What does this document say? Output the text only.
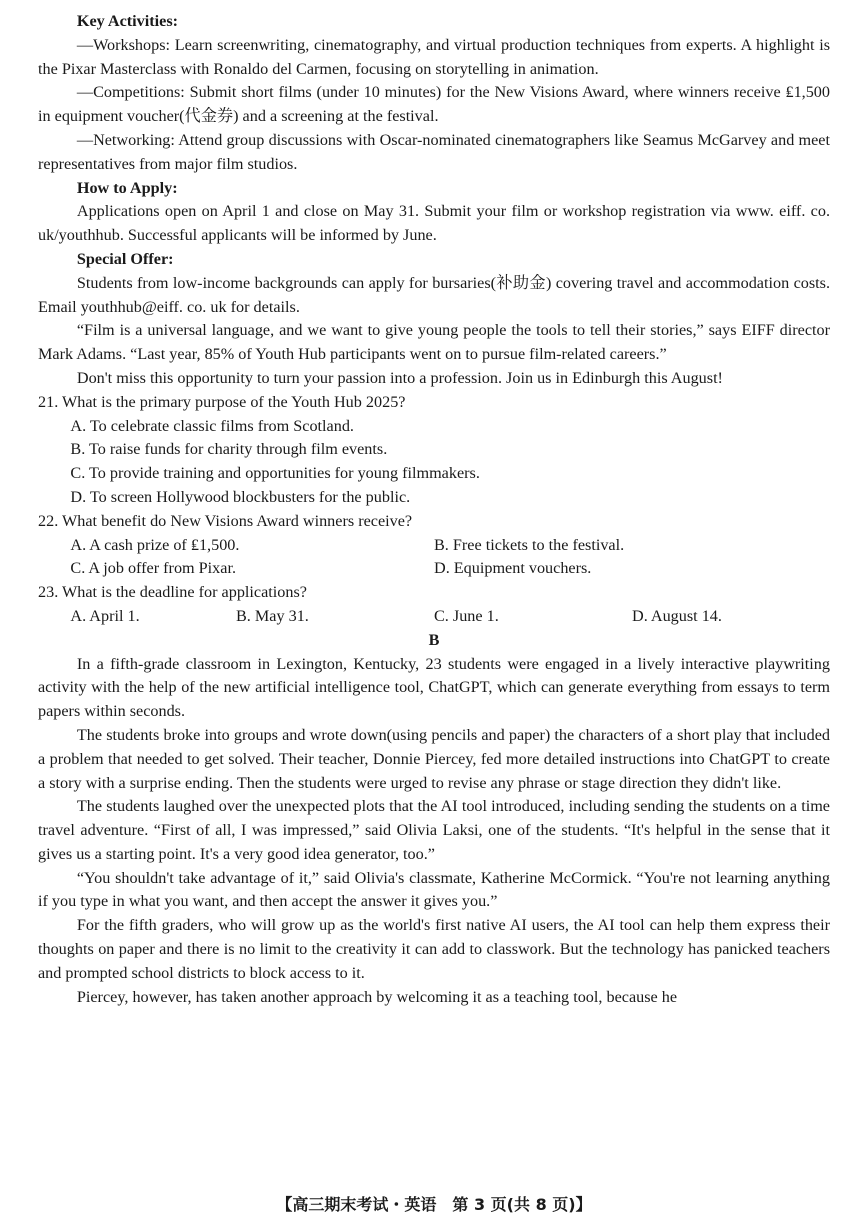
Key Activities:

—Workshops: Learn screenwriting, cinematography, and virtual production techniques from experts. A highlight is the Pixar Masterclass with Ronaldo del Carmen, focusing on storytelling in animation.

—Competitions: Submit short films (under 10 minutes) for the New Visions Award, where winners receive ₤1,500 in equipment voucher(代金券) and a screening at the festival.

—Networking: Attend group discussions with Oscar-nominated cinematographers like Seamus McGarvey and meet representatives from major film studios.

How to Apply:

Applications open on April 1 and close on May 31. Submit your film or workshop registration via www. eiff. co. uk/youthhub. Successful applicants will be informed by June.

Special Offer:

Students from low-income backgrounds can apply for bursaries(补助金) covering travel and accommodation costs. Email youthhub@eiff. co. uk for details.

“Film is a universal language, and we want to give young people the tools to tell their stories,” says EIFF director Mark Adams. “Last year, 85% of Youth Hub participants went on to pursue film-related careers.”

Don't miss this opportunity to turn your passion into a profession. Join us in Edinburgh this August!

21. What is the primary purpose of the Youth Hub 2025?

A. To celebrate classic films from Scotland.

B. To raise funds for charity through film events.

C. To provide training and opportunities for young filmmakers.

D. To screen Hollywood blockbusters for the public.

22. What benefit do New Visions Award winners receive?

A. A cash prize of ₤1,500.	B. Free tickets to the festival.
C. A job offer from Pixar.	D. Equipment vouchers.

23. What is the deadline for applications?

A. April 1.	B. May 31.	C. June 1.	D. August 14.

B

In a fifth-grade classroom in Lexington, Kentucky, 23 students were engaged in a lively interactive playwriting activity with the help of the new artificial intelligence tool, ChatGPT, which can generate everything from essays to term papers within seconds.

The students broke into groups and wrote down(using pencils and paper) the characters of a short play that included a problem that needed to get solved. Their teacher, Donnie Piercey, fed more detailed instructions into ChatGPT to create a story with a surprise ending. Then the students were urged to revise any phrase or stage direction they didn't like.

The students laughed over the unexpected plots that the AI tool introduced, including sending the students on a time travel adventure. “First of all, I was impressed,” said Olivia Laksi, one of the students. “It's helpful in the sense that it gives us a starting point. It's a very good idea generator, too.”

“You shouldn't take advantage of it,” said Olivia's classmate, Katherine McCormick. “You're not learning anything if you type in what you want, and then accept the answer it gives you.”

For the fifth graders, who will grow up as the world's first native AI users, the AI tool can help them express their thoughts on paper and there is no limit to the creativity it can add to classwork. But the technology has panicked teachers and prompted school districts to block access to it.

Piercey, however, has taken another approach by welcoming it as a teaching tool, because he

【高三期末考试・英语　第 3 页(共 8 页)】
